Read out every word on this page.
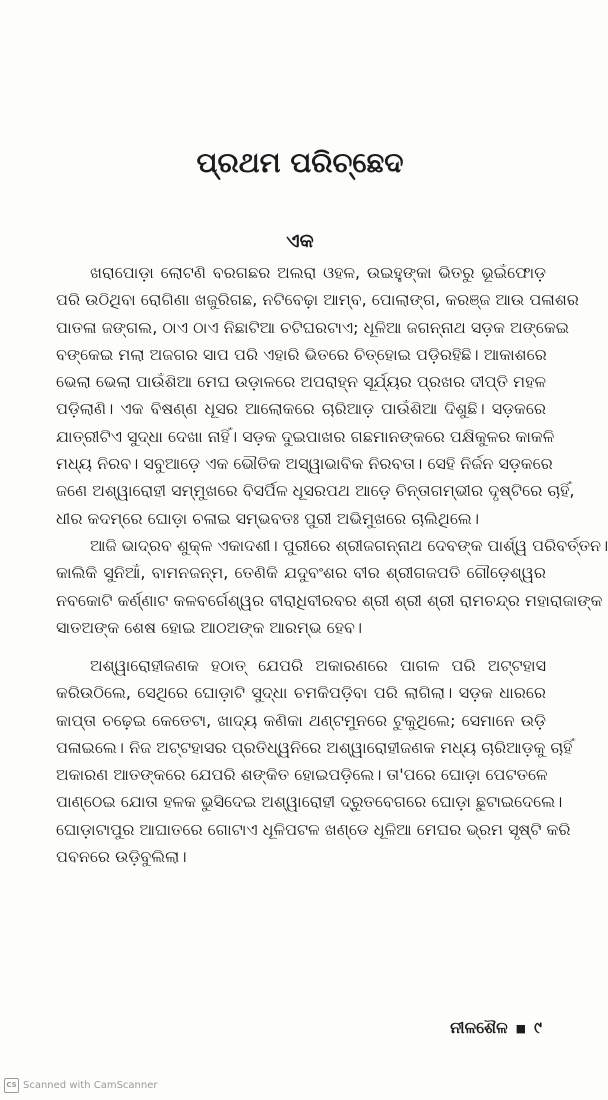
ପ୍ରଥମ ପରିଚ୍ଛେଦ
ଏକ
ଖରାପୋଡ଼ା ଲୋଟଣି ବରଗଛର ଅଲରା ଓହଳ, ଉଇହୁଙ୍କା ଭିତରୁ ଭୂଇଁଫୋଡ଼
ପରି ଉଠିଥିବା ରୋଗିଣା ଖଜୁରିଗଛ, ନଟିବେଢ଼ା ଆମ୍ବ, ପୋଲାଙ୍ଗ, କରଞ୍ଜ ଆଉ ପଳାଶର
ପାତଳା ଜଙ୍ଗଲ, ଠାଏ ଠାଏ ନିଛାଟିଆ ଚଟିଘରଟାଏ; ଧୂଳିଆ ଜଗନ୍ନାଥ ସଡ଼କ ଅଙ୍କେଇ
ବଙ୍କେଇ ମଲା ଅଜଗର ସାପ ପରି ଏହାରି ଭିତରେ ଚିତ୍‌ହୋଇ ପଡ଼ିରହିଛି। ଆକାଶରେ
ଭେଲା ଭେଲା ପାଉଁଶିଆ ମେଘ ଉଡ଼ାଳରେ ଅପରାହ୍ନ ସୂର୍ଯ୍ୟର ପ୍ରଖର ଦୀପ୍ତି ମହଳ
ପଡ଼ିଲାଣି। ଏକ ବିଷଣ୍ଣ ଧୂସର ଆଲୋକରେ ଚାରିଆଡ଼ ପାଉଁଶିଆ ଦିଶୁଛି। ସଡ଼କରେ
ଯାତ୍ରୀଟିଏ ସୁଦ୍ଧା ଦେଖା ନାହିଁ। ସଡ଼କ ଦୁଇପାଖର ଗଛମାନଙ୍କରେ ପକ୍ଷିକୁଳର କାକଳି
ମଧ୍ୟ ନିରବ। ସବୁଆଡ଼େ ଏକ ଭୌତିକ ଅସ୍ୱାଭାବିକ ନିରବତା। ସେହି ନିର୍ଜନ ସଡ଼କରେ
ଜଣେ ଅଶ୍ୱାରୋହୀ ସମ୍ମୁଖରେ ବିସର୍ପିଳ ଧୂସରପଥ ଆଡ଼େ ଚିନ୍ତାଗମ୍ଭୀର ଦୃଷ୍ଟିରେ ଚାହିଁ,
ଧୀର କଦମ୍‌ରେ ଘୋଡ଼ା ଚଳାଇ ସମ୍ଭବତଃ ପୁରୀ ଅଭିମୁଖରେ ଚାଲିଥିଲେ।
ଆଜି ଭାଦ୍ରବ ଶୁକ୍ଳ ଏକାଦଶୀ। ପୁରୀରେ ଶ୍ରୀଜଗନ୍ନାଥ ଦେବଙ୍କ ପାର୍ଶ୍ୱ ପରିବର୍ତ୍ତନ।
କାଲିକି ସୁନିଆଁ, ବାମନଜନ୍ମ, ତେଣିକି ଯଦୁବଂଶର ବୀର ଶ୍ରୀଗଜପତି ଗୌଡ଼େଶ୍ୱର
ନବକୋଟି କର୍ଣ୍ଣାଟ କଳବର୍ଗେଶ୍ୱର ବୀରାଧିବୀରବର ଶ୍ରୀ ଶ୍ରୀ ଶ୍ରୀ ରାମଚନ୍ଦ୍ର ମହାରାଜାଙ୍କ
ସାତଅଙ୍କ ଶେଷ ହୋଇ ଆଠଅଙ୍କ ଆରମ୍ଭ ହେବ।
ଅଶ୍ୱାରୋହୀଜଣକ ହଠାତ୍ ଯେପରି ଅକାରଣରେ ପାଗଳ ପରି ଅଟ୍ଟହାସ
କରିଉଠିଲେ, ସେଥିରେ ଘୋଡ଼ାଟି ସୁଦ୍ଧା ଚମକିପଡ଼ିବା ପରି ଲାଗିଲା। ସଡ଼କ ଧାରରେ
କାପ୍ତା ଚଢ଼େଇ କେତେଟା, ଖାଦ୍ୟ କଣିକା ଥଣ୍ଟମୁନରେ ଟୁକୁଥିଲେ; ସେମାନେ ଉଡ଼ି
ପଳାଇଲେ। ନିଜ ଅଟ୍ଟହାସର ପ୍ରତିଧ୍ୱନିରେ ଅଶ୍ୱାରୋହୀଜଣକ ମଧ୍ୟ ଚାରିଆଡ଼କୁ ଚାହିଁ
ଅକାରଣ ଆତଙ୍କରେ ଯେପରି ଶଙ୍କିତ ହୋଇପଡ଼ିଲେ। ତା'ପରେ ଘୋଡ଼ା ପେଟତଳେ
ପାଣ୍ଠେଇ ଯୋତା ହଳକ ଭୁସିଦେଇ ଅଶ୍ୱାରୋହୀ ଦ୍ରୁତବେଗରେ ଘୋଡ଼ା ଛୁଟାଇଦେଲେ।
ଘୋଡ଼ାଟାପୁର ଆଘାତରେ ଗୋଟାଏ ଧୂଳିପଟଳ ଖଣ୍ଡେ ଧୂଳିଆ ମେଘର ଭ୍ରମ ସୃଷ୍ଟି କରି
ପବନରେ ଉଡ଼ିବୁଲିଲା।
ନୀଳଶୈଳ ■ ୯
CS Scanned with CamScanner
